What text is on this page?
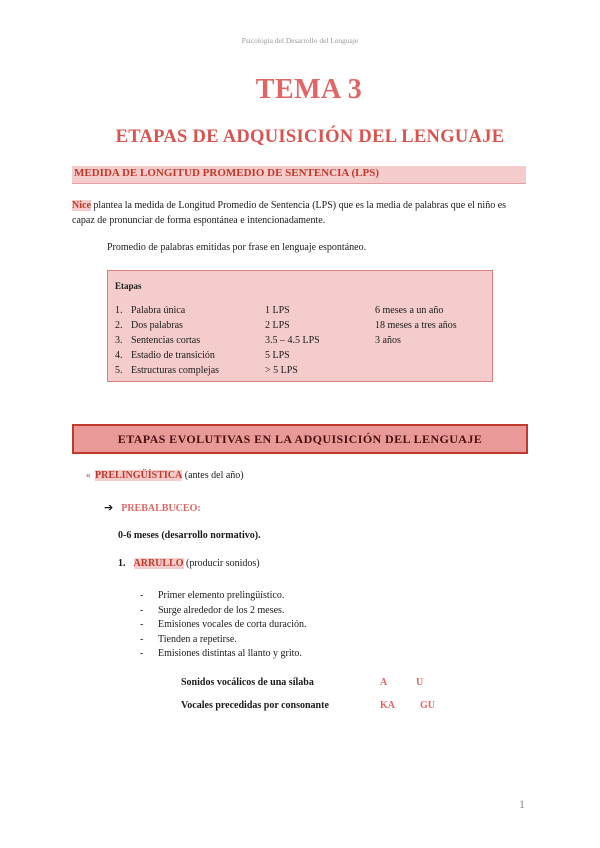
Psicología del Desarrollo del Lenguaje
TEMA 3
ETAPAS DE ADQUISICIÓN DEL LENGUAJE
MEDIDA DE LONGITUD PROMEDIO DE SENTENCIA (LPS)
Nice plantea la medida de Longitud Promedio de Sentencia (LPS) que es la media de palabras que el niño es capaz de pronunciar de forma espontánea e intencionadamente.
Promedio de palabras emitidas por frase en lenguaje espontáneo.
Etapas
1. Palabra única	1 LPS	6 meses a un año
2. Dos palabras	2 LPS	18 meses a tres años
3. Sentencias cortas	3.5 – 4.5 LPS	3 años
4. Estadio de transición	5 LPS
5. Estructuras complejas	> 5 LPS
ETAPAS EVOLUTIVAS EN LA ADQUISICIÓN DEL LENGUAJE
« PRELINGÜÍSTICA (antes del año)
➔ PREBALBUCEO:
0-6 meses (desarrollo normativo).
1. ARRULLO (producir sonidos)
- Primer elemento prelingüístico.
- Surge alrededor de los 2 meses.
- Emisiones vocales de corta duración.
- Tienden a repetirse.
- Emisiones distintas al llanto y grito.
Sonidos vocálicos de una sílaba	A	U
Vocales precedidas por consonante	KA	GU
1
